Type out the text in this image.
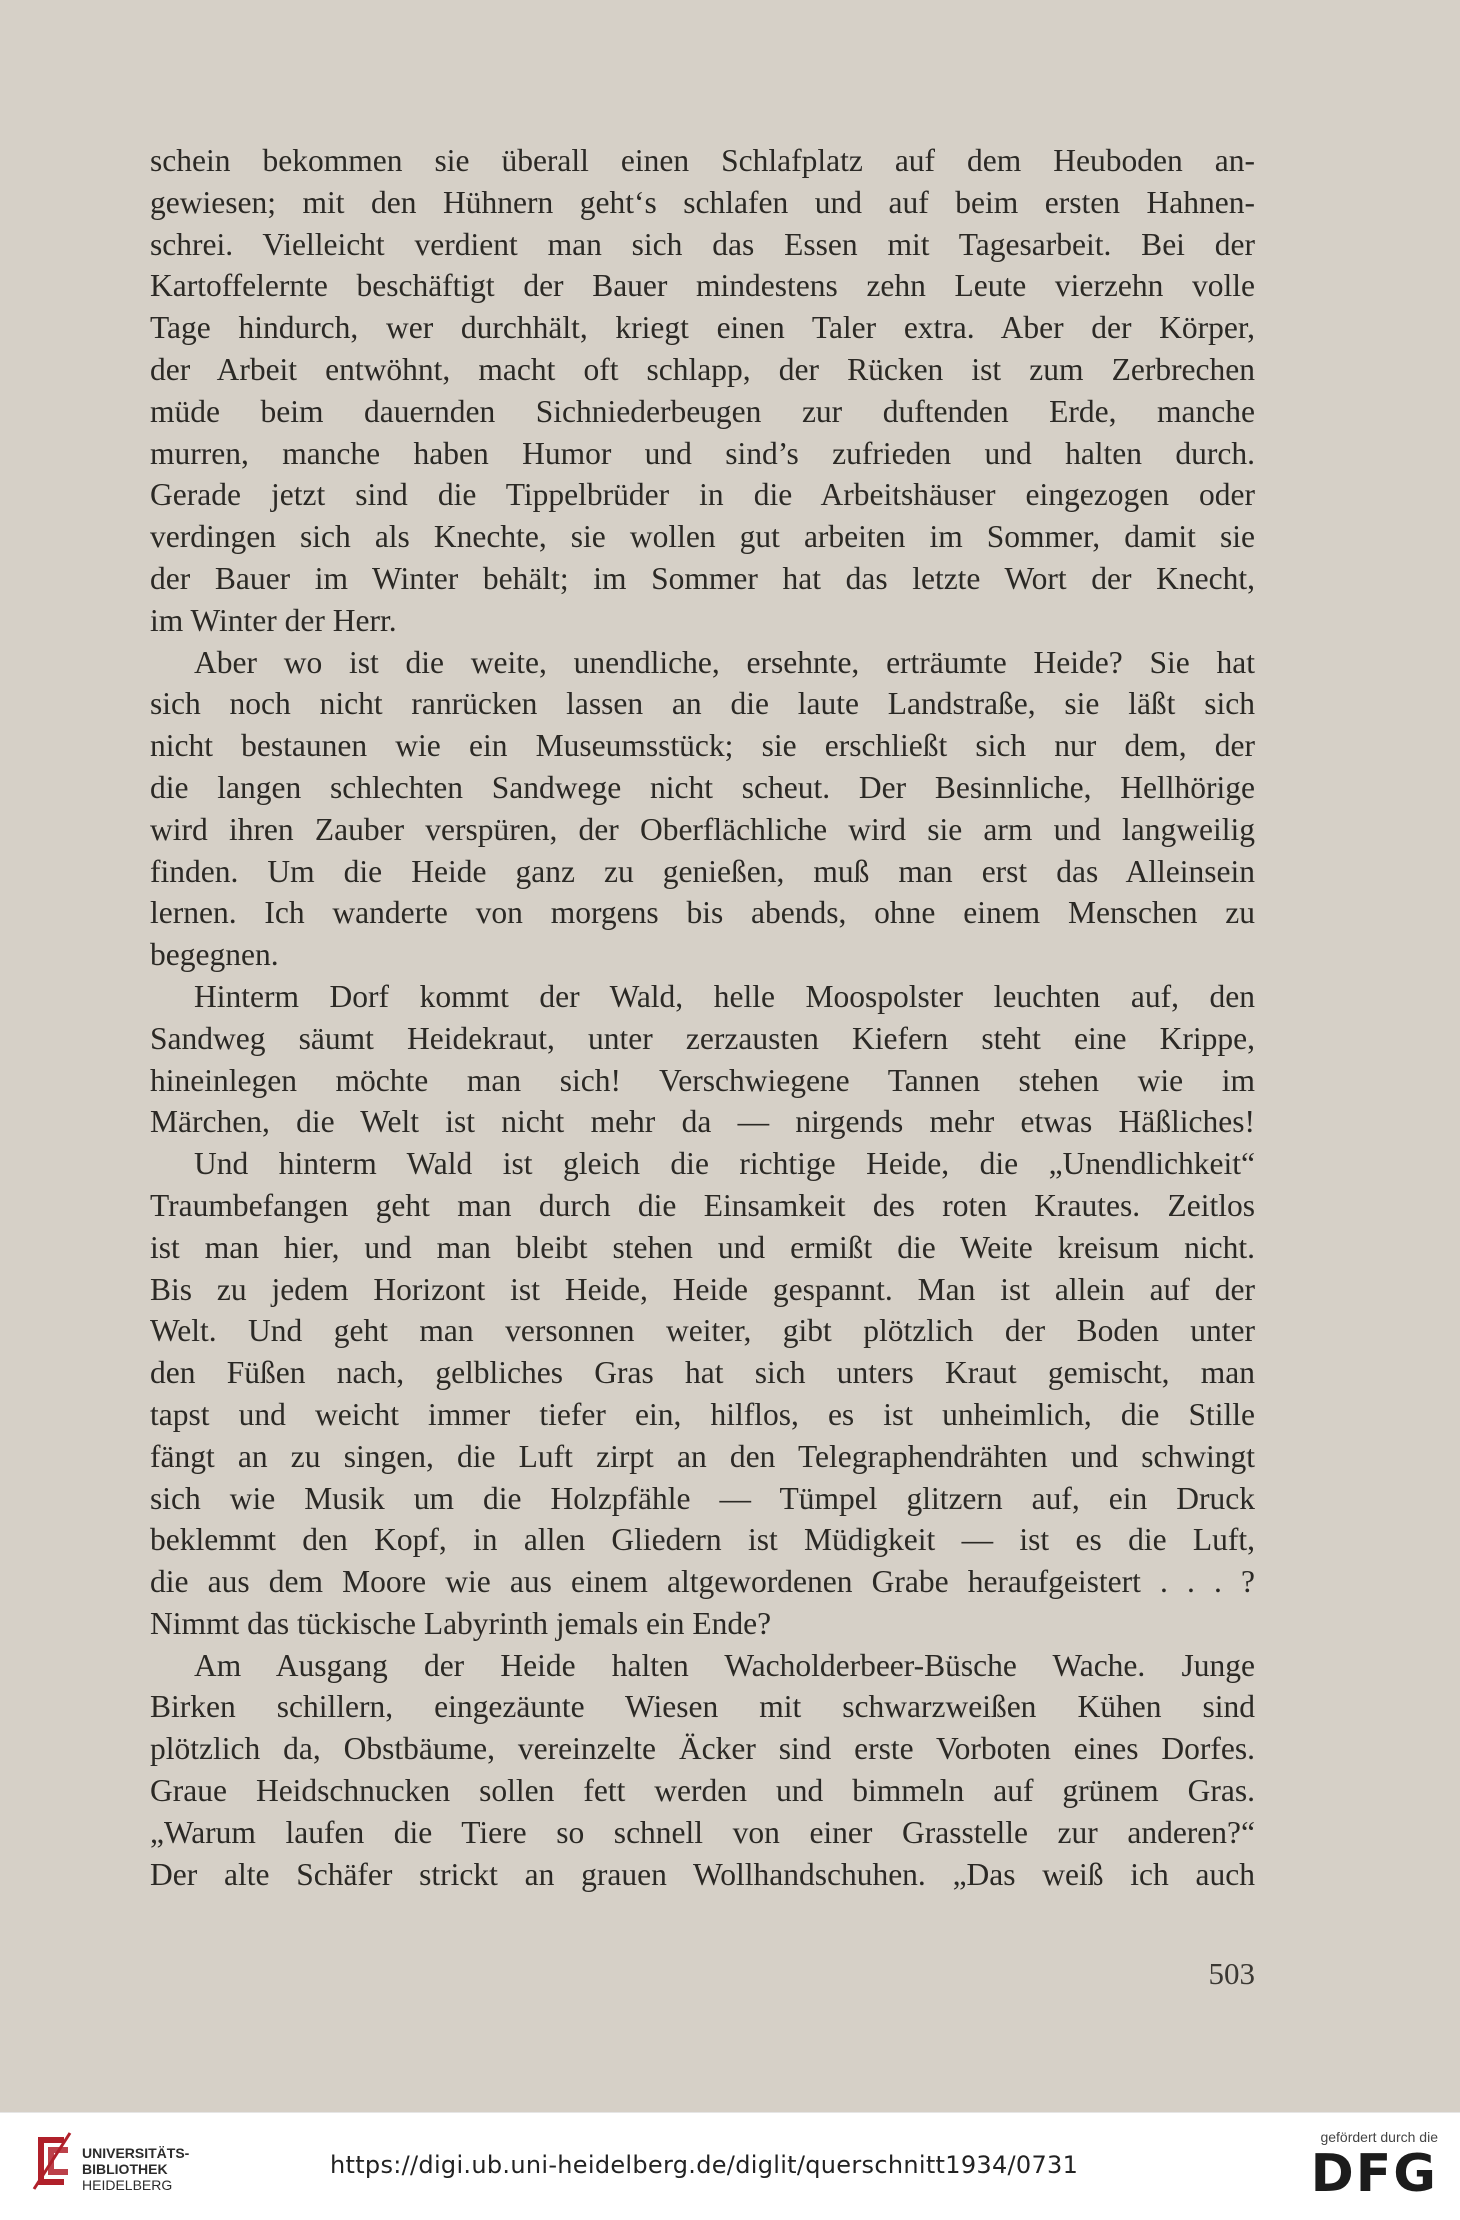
schein bekommen sie überall einen Schlafplatz auf dem Heuboden an-
gewiesen; mit den Hühnern geht‘s schlafen und auf beim ersten Hahnen-
schrei. Vielleicht verdient man sich das Essen mit Tagesarbeit. Bei der
Kartoffelernte beschäftigt der Bauer mindestens zehn Leute vierzehn volle
Tage hindurch, wer durchhält, kriegt einen Taler extra. Aber der Körper,
der Arbeit entwöhnt, macht oft schlapp, der Rücken ist zum Zerbrechen
müde beim dauernden Sichniederbeugen zur duftenden Erde, manche
murren, manche haben Humor und sind’s zufrieden und halten durch.
Gerade jetzt sind die Tippelbrüder in die Arbeitshäuser eingezogen oder
verdingen sich als Knechte, sie wollen gut arbeiten im Sommer, damit sie
der Bauer im Winter behält; im Sommer hat das letzte Wort der Knecht,
im Winter der Herr.
Aber wo ist die weite, unendliche, ersehnte, erträumte Heide? Sie hat
sich noch nicht ranrücken lassen an die laute Landstraße, sie läßt sich
nicht bestaunen wie ein Museumsstück; sie erschließt sich nur dem, der
die langen schlechten Sandwege nicht scheut. Der Besinnliche, Hellhörige
wird ihren Zauber verspüren, der Oberflächliche wird sie arm und langweilig
finden. Um die Heide ganz zu genießen, muß man erst das Alleinsein
lernen. Ich wanderte von morgens bis abends, ohne einem Menschen zu
begegnen.
Hinterm Dorf kommt der Wald, helle Moospolster leuchten auf, den
Sandweg säumt Heidekraut, unter zerzausten Kiefern steht eine Krippe,
hineinlegen möchte man sich! Verschwiegene Tannen stehen wie im
Märchen, die Welt ist nicht mehr da — nirgends mehr etwas Häßliches!
Und hinterm Wald ist gleich die richtige Heide, die „Unendlichkeit“
Traumbefangen geht man durch die Einsamkeit des roten Krautes. Zeitlos
ist man hier, und man bleibt stehen und ermißt die Weite kreisum nicht.
Bis zu jedem Horizont ist Heide, Heide gespannt. Man ist allein auf der
Welt. Und geht man versonnen weiter, gibt plötzlich der Boden unter
den Füßen nach, gelbliches Gras hat sich unters Kraut gemischt, man
tapst und weicht immer tiefer ein, hilflos, es ist unheimlich, die Stille
fängt an zu singen, die Luft zirpt an den Telegraphendrähten und schwingt
sich wie Musik um die Holzpfähle — Tümpel glitzern auf, ein Druck
beklemmt den Kopf, in allen Gliedern ist Müdigkeit — ist es die Luft,
die aus dem Moore wie aus einem altgewordenen Grabe heraufgeistert . . . ?
Nimmt das tückische Labyrinth jemals ein Ende?
Am Ausgang der Heide halten Wacholderbeer-Büsche Wache. Junge
Birken schillern, eingezäunte Wiesen mit schwarzweißen Kühen sind
plötzlich da, Obstbäume, vereinzelte Äcker sind erste Vorboten eines Dorfes.
Graue Heidschnucken sollen fett werden und bimmeln auf grünem Gras.
„Warum laufen die Tiere so schnell von einer Grasstelle zur anderen?“
Der alte Schäfer strickt an grauen Wollhandschuhen. „Das weiß ich auch
503
UNIVERSITÄTS-
BIBLIOTHEK
HEIDELBERG
https://digi.ub.uni-heidelberg.de/diglit/querschnitt1934/0731
gefördert durch die
DFG
